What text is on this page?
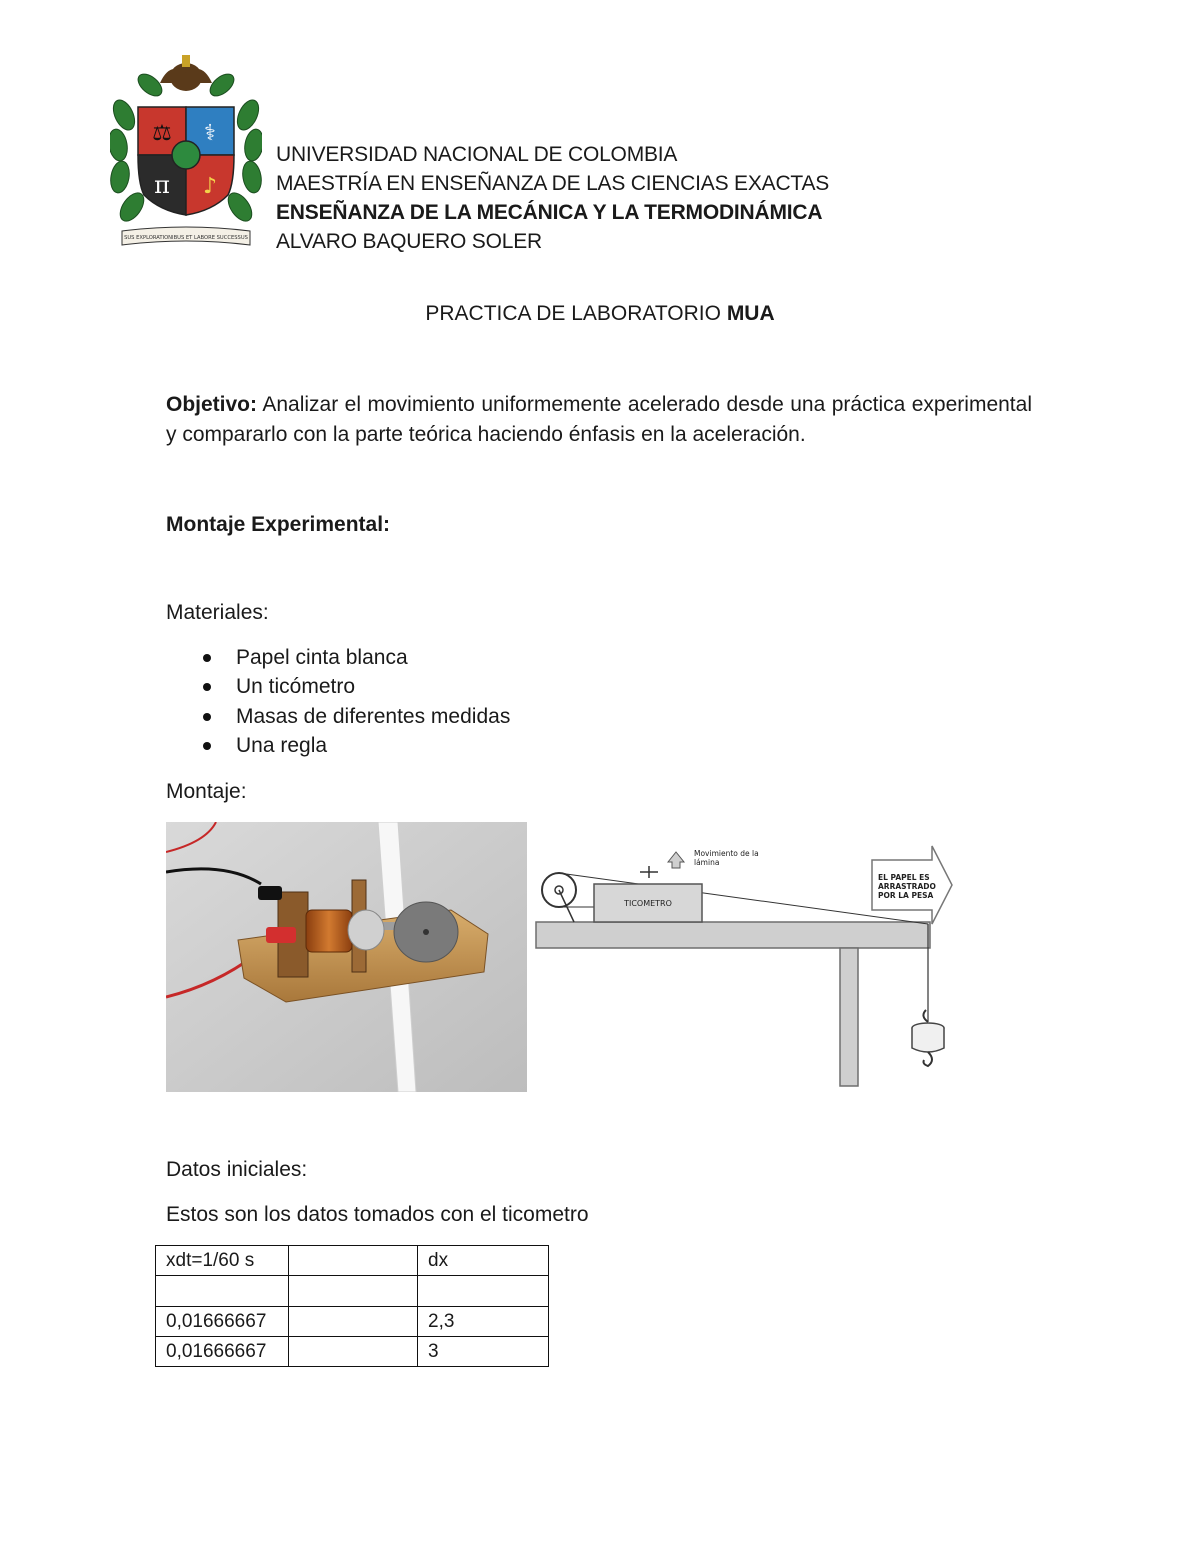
⚖ ⚕
π ♪
SUS EXPLORATIONIBUS ET LABORE SUCCESSUS
UNIVERSIDAD NACIONAL DE COLOMBIA
MAESTRÍA EN ENSEÑANZA DE LAS CIENCIAS EXACTAS
ENSEÑANZA DE LA MECÁNICA Y LA TERMODINÁMICA
ALVARO BAQUERO SOLER
PRACTICA DE LABORATORIO MUA
Objetivo: Analizar el movimiento uniformemente acelerado desde una práctica experimental y compararlo con la parte teórica haciendo énfasis en la aceleración.
Montaje Experimental:
Materiales:
Papel cinta blanca
Un ticómetro
Masas de diferentes medidas
Una regla
Montaje:
TICOMETRO
Movimiento de la
lámina
EL PAPEL ES
ARRASTRADO
POR LA PESA
Datos iniciales:
Estos son los datos tomados con el ticometro
xdt=1/60 s		dx

0,01666667		2,3
0,01666667		3
